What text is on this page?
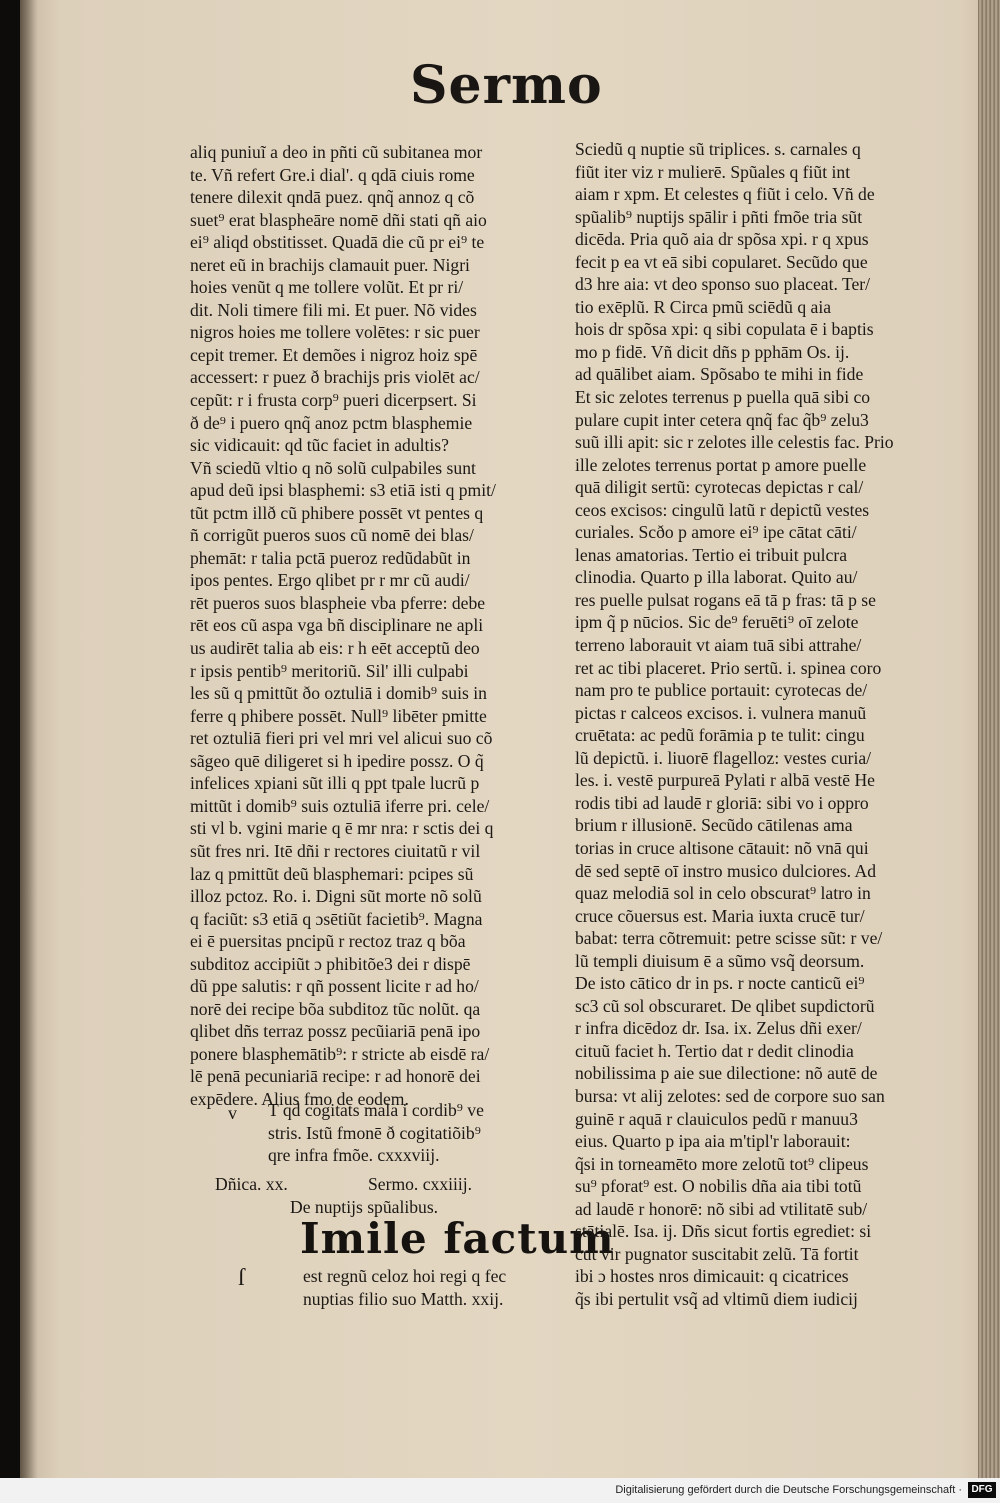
Sermo
aliq puniuĩ a deo in pñti cũ subitanea mor
te. Vñ refert Gre.i dial'. q qdā ciuis rome
tenere dilexit qndā puez. qnq̃ annoz q cõ
suet⁹ erat blaspheāre nomē dñi stati qñ aio
ei⁹ aliqd obstitisset. Quadā die cũ pr ei⁹ te
neret eũ in brachijs clamauit puer. Nigri
hoies venũt q me tollere volũt. Et pr ri/
dit. Noli timere fili mi. Et puer. Nõ vides
nigros hoies me tollere volētes: r sic puer
cepit tremer. Et demões i nigroz hoiz spē
accessert: r puez ð brachijs pris violēt ac/
cepũt: r i frusta corp⁹ pueri dicerpsert. Si
ð de⁹ i puero qnq̃ anoz pctm blasphemie
sic vidicauit: qd tũc faciet in adultis?
Vñ sciedũ vltio q nõ solũ culpabiles sunt
apud deũ ipsi blasphemi: s3 etiā isti q pmit/
tũt pctm illð cũ phibere possēt vt pentes q
ñ corrigũt pueros suos cũ nomē dei blas/
phemāt: r talia pctā pueroz redũdabũt in
ipos pentes. Ergo qlibet pr r mr cũ audi/
rēt pueros suos blaspheie vba pferre: debe
rēt eos cũ aspa vga bñ disciplinare ne apli
us audirēt talia ab eis: r h eēt acceptũ deo
r ipsis pentib⁹ meritoriũ. Sil' illi culpabi
les sũ q pmittũt ðo oztuliā i domib⁹ suis in
ferre q phibere possēt. Null⁹ libēter pmitte
ret oztuliā fieri pri vel mri vel alicui suo cõ
sãgeo quē diligeret si h ipedire possz. O q̃
infelices xpiani sũt illi q ppt tpale lucrũ p
mittũt i domib⁹ suis oztuliā iferre pri. cele/
sti vl b. vgini marie q ē mr nra: r sctis dei q
sũt fres nri. Itē dñi r rectores ciuitatũ r vil
laz q pmittũt deũ blasphemari: pcipes sũ
illoz pctoz. Ro. i. Digni sũt morte nõ solũ
q faciũt: s3 etiā q ɔsētiũt facietib⁹. Magna
ei ē puersitas pncipũ r rectoz traz q bõa
subditoz accipiũt ɔ phibitõe3 dei r dispē
dũ ppe salutis: r qñ possent licite r ad ho/
norē dei recipe bõa subditoz tũc nolũt. qa
qlibet dñs terraz possz pecũiariā penā ipo
ponere blasphemātib⁹: r stricte ab eisdē ra/
lē penā pecuniariā recipe: r ad honorē dei
expēdere. Alius fmo de eodem.
v T qd cogitats mala i cordib⁹ ve
stris. Istũ fmonē ð cogitatiõib⁹
qre infra fmõe. cxxxviij.
Dñica. xx.	Sermo. cxxiiij.
De nuptijs spũalibus.
Imile factum
ſ	est regnũ celoz hoi regi q fec
nuptias filio suo Matth. xxij.
Sciedũ q nuptie sũ triplices. s. carnales q
fiũt iter viz r mulierē. Spũales q fiũt int
aiam r xpm. Et celestes q fiũt i celo. Vñ de
spũalib⁹ nuptijs spālir i pñti fmõe tria sũt
dicēda. Pria quõ aia dr spõsa xpi. r q xpus
fecit p ea vt eā sibi copularet. Secũdo que
d3 hre aia: vt deo sponso suo placeat. Ter/
tio exēplũ. R Circa pmũ sciēdũ q aia
hois dr spõsa xpi: q sibi copulata ē i baptis
mo p fidē. Vñ dicit dñs p pphām Os. ij.
ad quālibet aiam. Spõsabo te mihi in fide
Et sic zelotes terrenus p puella quā sibi co
pulare cupit inter cetera qnq̃ fac q̃b⁹ zelu3
suũ illi apit: sic r zelotes ille celestis fac. Prio
ille zelotes terrenus portat p amore puelle
quā diligit sertũ: cyrotecas depictas r cal/
ceos excisos: cingulũ latũ r depictũ vestes
curiales. Scðo p amore ei⁹ ipe cātat cāti/
lenas amatorias. Tertio ei tribuit pulcra
clinodia. Quarto p illa laborat. Quito au/
res puelle pulsat rogans eā tā p fras: tā p se
ipm q̃ p nūcios. Sic de⁹ feruēti⁹ oī zelote
terreno laborauit vt aiam tuā sibi attrahe/
ret ac tibi placeret. Prio sertũ. i. spinea coro
nam pro te publice portauit: cyrotecas de/
pictas r calceos excisos. i. vulnera manuũ
cruētata: ac pedũ forāmia p te tulit: cingu
lũ depictũ. i. liuorē flagelloz: vestes curia/
les. i. vestē purpureā Pylati r albā vestē He
rodis tibi ad laudē r gloriā: sibi vo i oppro
brium r illusionē. Secũdo cātilenas ama
torias in cruce altisone cātauit: nõ vnā qui
dē sed septē oī instro musico dulciores. Ad
quaz melodiā sol in celo obscurat⁹ latro in
cruce cõuersus est. Maria iuxta crucē tur/
babat: terra cõtremuit: petre scisse sũt: r ve/
lũ templi diuisum ē a sũmo vsq̃ deorsum.
De isto cātico dr in ps. r nocte canticũ ei⁹
sc3 cũ sol obscuraret. De qlibet supdictorũ
r infra dicēdoz dr. Isa. ix. Zelus dñi exer/
cituũ faciet h. Tertio dat r dedit clinodia
nobilissima p aie sue dilectione: nõ autē de
bursa: vt alij zelotes: sed de corpore suo san
guinē r aquā r clauiculos pedũ r manuu3
eius. Quarto p ipa aia m'tipl'r laborauit:
q̃si in torneamēto more zelotũ tot⁹ clipeus
su⁹ pforat⁹ est. O nobilis dña aia tibi totũ
ad laudē r honorē: nõ sibi ad vtilitatē sub/
stātialē. Isa. ij. Dñs sicut fortis egrediet: si
cut vir pugnator suscitabit zelũ. Tā fortit
ibi ɔ hostes nros dimicauit: q cicatrices
q̃s ibi pertulit vsq̃ ad vltimũ diem iudicij
Digitalisierung gefördert durch die Deutsche Forschungsgemeinschaft · DFG
